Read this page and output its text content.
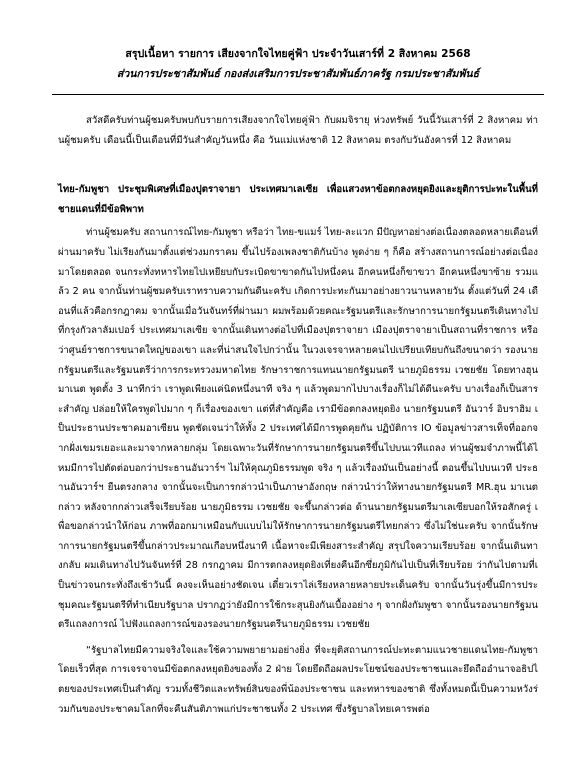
สรุปเนื้อหา รายการ เสียงจากใจไทยคู่ฟ้า ประจำวันเสาร์ที่ 2 สิงหาคม 2568
ส่วนการประชาสัมพันธ์ กองส่งเสริมการประชาสัมพันธ์ภาครัฐ กรมประชาสัมพันธ์

สวัสดีครับท่านผู้ชมครับพบกับรายการเสียงจากใจไทยคู่ฟ้า กับผมจิรายุ ห่วงทรัพย์ วันนี้วันเสาร์ที่ 2 สิงหาคม ท่านผู้ชมครับ เดือนนี้เป็นเดือนที่มีวันสำคัญวันหนึ่ง คือ วันแม่แห่งชาติ 12 สิงหาคม ตรงกับวันอังคารที่ 12 สิงหาคม

ไทย-กัมพูชา ประชุมพิเศษที่เมืองปุตราจายา ประเทศมาเลเซีย เพื่อแสวงหาข้อตกลงหยุดยิงและยุติการปะทะในพื้นที่ชายแดนที่มีข้อพิพาท

ท่านผู้ชมครับ สถานการณ์ไทย-กัมพูชา หรือว่า ไทย-ขแมร์ ไทย-ละแวก มีปัญหาอย่างต่อเนื่องตลอดหลายเดือนที่ผ่านมาครับ ไม่เรียงกันมาตั้งแต่ช่วงมกราคม ขึ้นไปร้องเพลงชาติกันบ้าง พูดง่าย ๆ ก็คือ สร้างสถานการณ์อย่างต่อเนื่องมาโดยตลอด จนกระทั่งทหารไทยไปเหยียบกับระเบิดขาขาดกันไปหนึ่งคน อีกคนหนึ่งก็ขาขวา อีกคนหนึ่งขาซ้าย รวมแล้ว 2 คน จากนั้นท่านผู้ชมครับเราทราบความกันดีนะครับ เกิดการปะทะกันมาอย่างยาวนานหลายวัน ตั้งแต่วันที่ 24 เดือนที่แล้วคือกรกฎาคม จากนั้นเมื่อวันจันทร์ที่ผ่านมา ผมพร้อมด้วยคณะรัฐมนตรีและรักษาการนายกรัฐมนตรีเดินทางไปที่กรุงกัวลาลัมเปอร์ ประเทศมาเลเซีย จากนั้นเดินทางต่อไปที่เมืองปุตราจายา เมืองปุตราจายาเป็นสถานที่ราชการ หรือว่าศูนย์ราชการขนาดใหญ่ของเขา และที่น่าสนใจไปกว่านั้น ในวงเจรจาหลายคนไปเปรียบเทียบกันถึงขนาดว่า รองนายกรัฐมนตรีและรัฐมนตรีว่าการกระทรวงมหาดไทย รักษาราชการแทนนายกรัฐมนตรี นายภูมิธรรม เวชยชัย โดยทางฮุน มาเนต พูดตั้ง 3 นาทีกว่า เราพูดเพียงแค่นิดหนึ่งนาที จริง ๆ แล้วพูดมากไปบางเรื่องก็ไม่ได้ดีนะครับ บางเรื่องก็เป็นสาระสำคัญ ปล่อยให้ใครพูดไปมาก ๆ ก็เรื่องของเขา แต่ที่สำคัญคือ เรามีข้อตกลงหยุดยิง นายกรัฐมนตรี อันวาร์ อิบราฮิม เป็นประธานประชาคมอาเซียน พูดชัดเจนว่าให้ทั้ง 2 ประเทศได้มีการพูดคุยกัน ปฏิบัติการ IO ข้อมูลข่าวสารเท็จที่ออกจากฝั่งเขมรเยอะและมาจากหลายกลุ่ม โดยเฉพาะวันที่รักษาการนายกรัฐมนตรีขึ้นไปบนเวทีแถลง ท่านผู้ชมจำภาพนี้ได้ไหมมีการไปตัดต่อบอกว่าประธานอันวาร์ฯ ไม่ให้คุณภูมิธรรมพูด จริง ๆ แล้วเรื่องมันเป็นอย่างนี้ ตอนขึ้นไปบนเวที ประธานอันวาร์ฯ ยืนตรงกลาง จากนั้นจะเป็นการกล่าวนำเป็นภาษาอังกฤษ กล่าวนำว่าให้ทางนายกรัฐมนตรี MR.ฮุน มาเนต กล่าว หลังจากกล่าวเสร็จเรียบร้อย นายภูมิธรรม เวชยชัย จะขึ้นกล่าวต่อ ด้านนายกรัฐมนตรีมาเลเซียบอกให้รอสักครู่ เพื่อขอกล่าวนำให้ก่อน ภาพที่ออกมาเหมือนกับแบบไม่ให้รักษาการนายกรัฐมนตรีไทยกล่าว ซึ่งไม่ใช่นะครับ จากนั้นรักษาการนายกรัฐมนตรีขึ้นกล่าวประมาณเกือบหนึ่งนาที เนื้อหาจะมีเพียงสาระสำคัญ สรุปใจความเรียบร้อย จากนั้นเดินทางกลับ ผมเดินทางไปวันจันทร์ที่ 28 กรกฎาคม มีการตกลงหยุดยิงเที่ยงคืนอีกซึ่ยภูมิกันไปเป็นที่เรียบร้อย ว่ากันไปตามที่เป็นข่าวจนกระทั่งถึงเช้าวันนี้ คงจะเห็นอย่างชัดเจน เดี๋ยวเราไล่เรียงหลายหลายประเด็นครับ จากนั้นวันรุ่งขึ้นมีการประชุมคณะรัฐมนตรีที่ทำเนียบรัฐบาล ปรากฏว่ายังมีการใช้กระสุนยิงกันเบื้องอย่าง ๆ จากฝั่งกัมพูชา จากนั้นรองนายกรัฐมนตรีแถลงการณ์ ไปฟังแถลงการณ์ของรองนายกรัฐมนตรีนายภูมิธรรม เวชยชัย

“รัฐบาลไทยมีความจริงใจและใช้ความพยายามอย่างยิ่ง ที่จะยุติสถานการณ์ปะทะตามแนวชายแดนไทย-กัมพูชาโดยเร็วที่สุด การเจรจาจนมีข้อตกลงหยุดยิงของทั้ง 2 ฝ่าย โดยยึดถือผลประโยชน์ของประชาชนและยึดถืออำนาจอธิปไตยของประเทศเป็นสำคัญ รวมทั้งชีวิตและทรัพย์สินของพี่น้องประชาชน และทหารของชาติ ซึ่งทั้งหมดนี้เป็นความหวังร่วมกันของประชาคมโลกที่จะคืนสันติภาพแก่ประชาชนทั้ง 2 ประเทศ ซึ่งรัฐบาลไทยเคารพต่อ
